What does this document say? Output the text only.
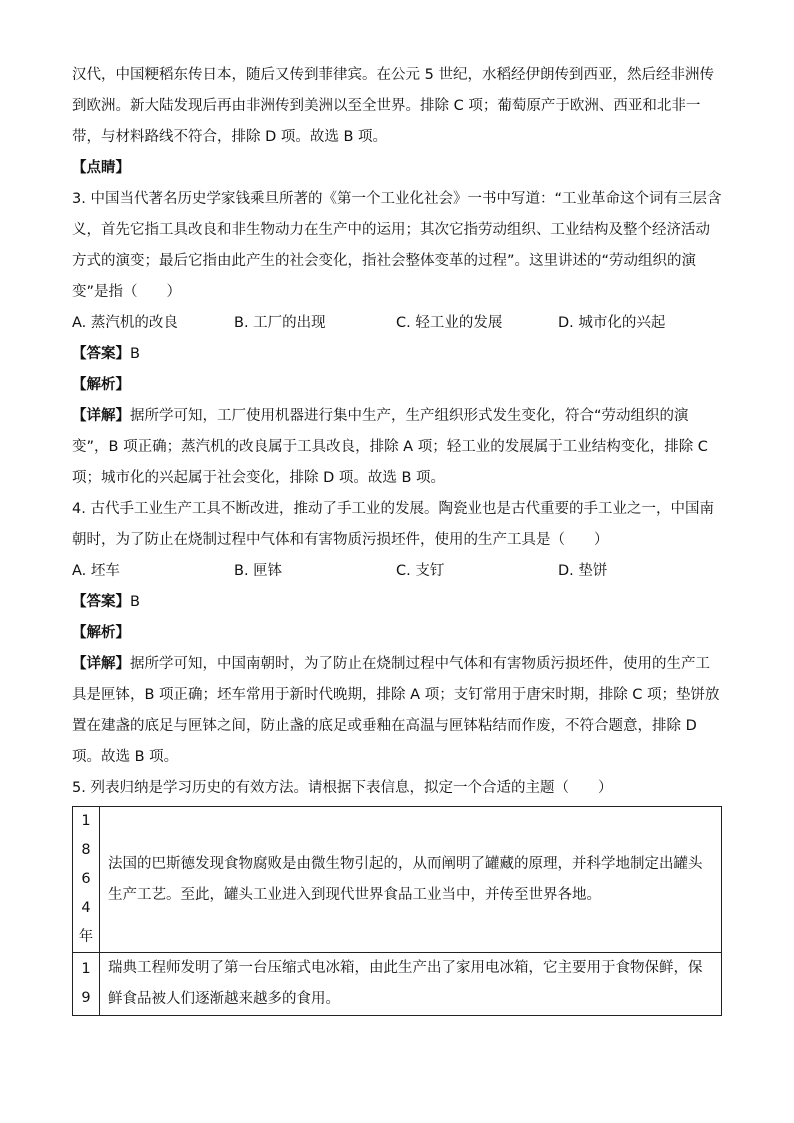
汉代，中国粳稻东传日本，随后又传到菲律宾。在公元 5 世纪，水稻经伊朗传到西亚，然后经非洲传到欧洲。新大陆发现后再由非洲传到美洲以至全世界。排除 C 项；葡萄原产于欧洲、西亚和北非一带，与材料路线不符合，排除 D 项。故选 B 项。

【点睛】

3. 中国当代著名历史学家钱乘旦所著的《第一个工业化社会》一书中写道：“工业革命这个词有三层含义，首先它指工具改良和非生物动力在生产中的运用；其次它指劳动组织、工业结构及整个经济活动方式的演变；最后它指由此产生的社会变化，指社会整体变革的过程”。这里讲述的“劳动组织的演变”是指（　　）

A. 蒸汽机的改良	B. 工厂的出现	C. 轻工业的发展	D. 城市化的兴起

【答案】B

【解析】

【详解】据所学可知，工厂使用机器进行集中生产，生产组织形式发生变化，符合“劳动组织的演变”，B 项正确；蒸汽机的改良属于工具改良，排除 A 项；轻工业的发展属于工业结构变化，排除 C 项；城市化的兴起属于社会变化，排除 D 项。故选 B 项。

4. 古代手工业生产工具不断改进，推动了手工业的发展。陶瓷业也是古代重要的手工业之一，中国南朝时，为了防止在烧制过程中气体和有害物质污损坯件，使用的生产工具是（　　）

A. 坯车	B. 匣钵	C. 支钉	D. 垫饼

【答案】B

【解析】

【详解】据所学可知，中国南朝时，为了防止在烧制过程中气体和有害物质污损坯件，使用的生产工具是匣钵，B 项正确；坯车常用于新时代晚期，排除 A 项；支钉常用于唐宋时期，排除 C 项；垫饼放置在建盏的底足与匣钵之间，防止盏的底足或垂釉在高温与匣钵粘结而作废，不符合题意，排除 D 项。故选 B 项。

5. 列表归纳是学习历史的有效方法。请根据下表信息，拟定一个合适的主题（　　）

1
8
6
4
年	法国的巴斯德发现食物腐败是由微生物引起的，从而阐明了罐藏的原理，并科学地制定出罐头生产工艺。至此，罐头工业进入到现代世界食品工业当中，并传至世界各地。

1
9	瑞典工程师发明了第一台压缩式电冰箱，由此生产出了家用电冰箱，它主要用于食物保鲜，保鲜食品被人们逐渐越来越多的食用。
